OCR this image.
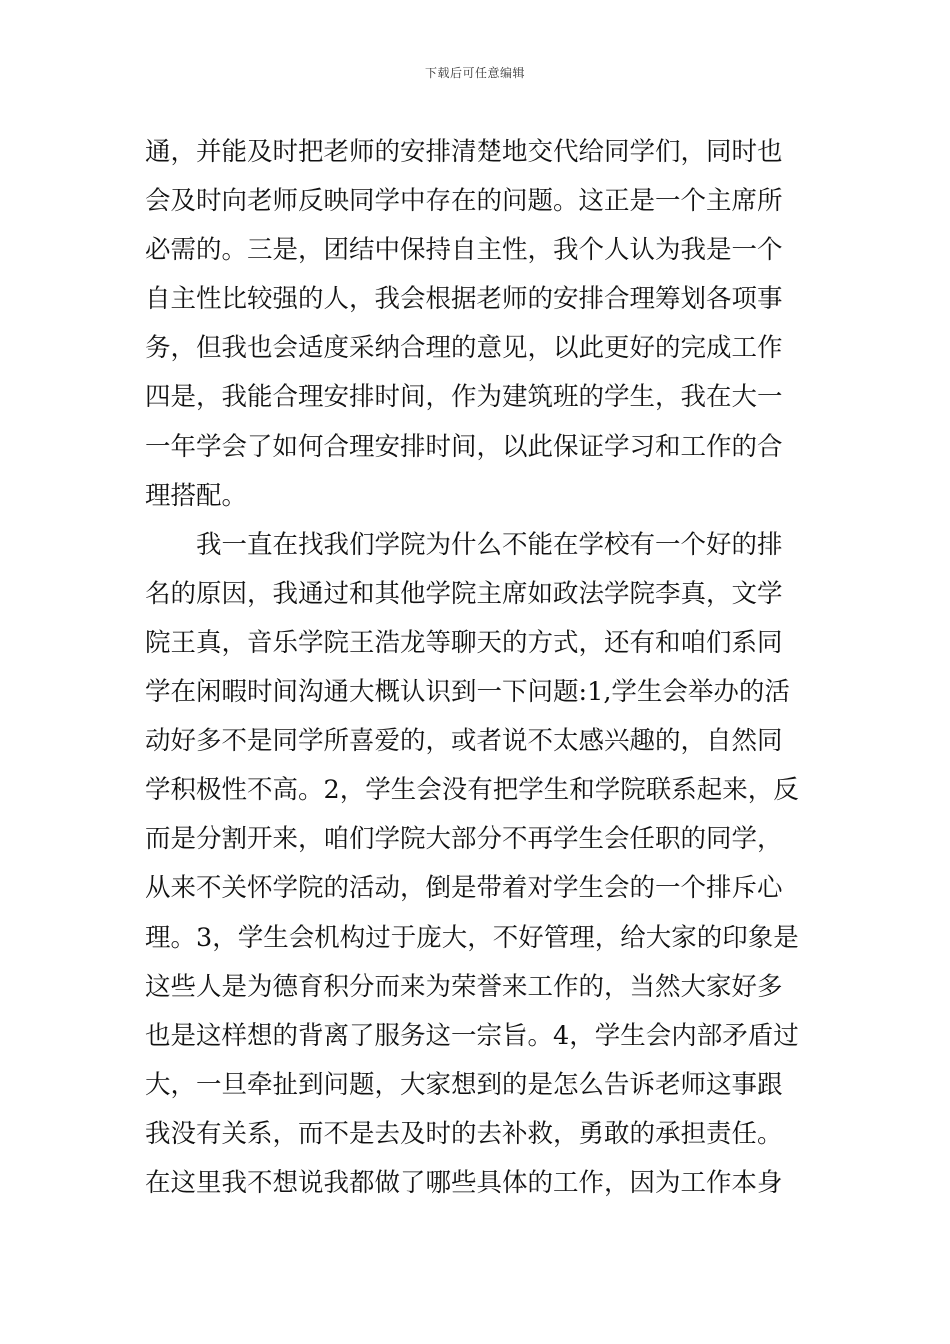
下载后可任意编辑
通，并能及时把老师的安排清楚地交代给同学们，同时也
会及时向老师反映同学中存在的问题。这正是一个主席所
必需的。三是，团结中保持自主性，我个人认为我是一个
自主性比较强的人，我会根据老师的安排合理筹划各项事
务，但我也会适度采纳合理的意见，以此更好的完成工作
四是，我能合理安排时间，作为建筑班的学生，我在大一
一年学会了如何合理安排时间，以此保证学习和工作的合
理搭配。
　　我一直在找我们学院为什么不能在学校有一个好的排
名的原因，我通过和其他学院主席如政法学院李真，文学
院王真，音乐学院王浩龙等聊天的方式，还有和咱们系同
学在闲暇时间沟通大概认识到一下问题:1,学生会举办的活
动好多不是同学所喜爱的，或者说不太感兴趣的，自然同
学积极性不高。2，学生会没有把学生和学院联系起来，反
而是分割开来，咱们学院大部分不再学生会任职的同学，
从来不关怀学院的活动，倒是带着对学生会的一个排斥心
理。3，学生会机构过于庞大，不好管理，给大家的印象是
这些人是为德育积分而来为荣誉来工作的，当然大家好多
也是这样想的背离了服务这一宗旨。4，学生会内部矛盾过
大，一旦牵扯到问题，大家想到的是怎么告诉老师这事跟
我没有关系，而不是去及时的去补救，勇敢的承担责任。
在这里我不想说我都做了哪些具体的工作，因为工作本身
